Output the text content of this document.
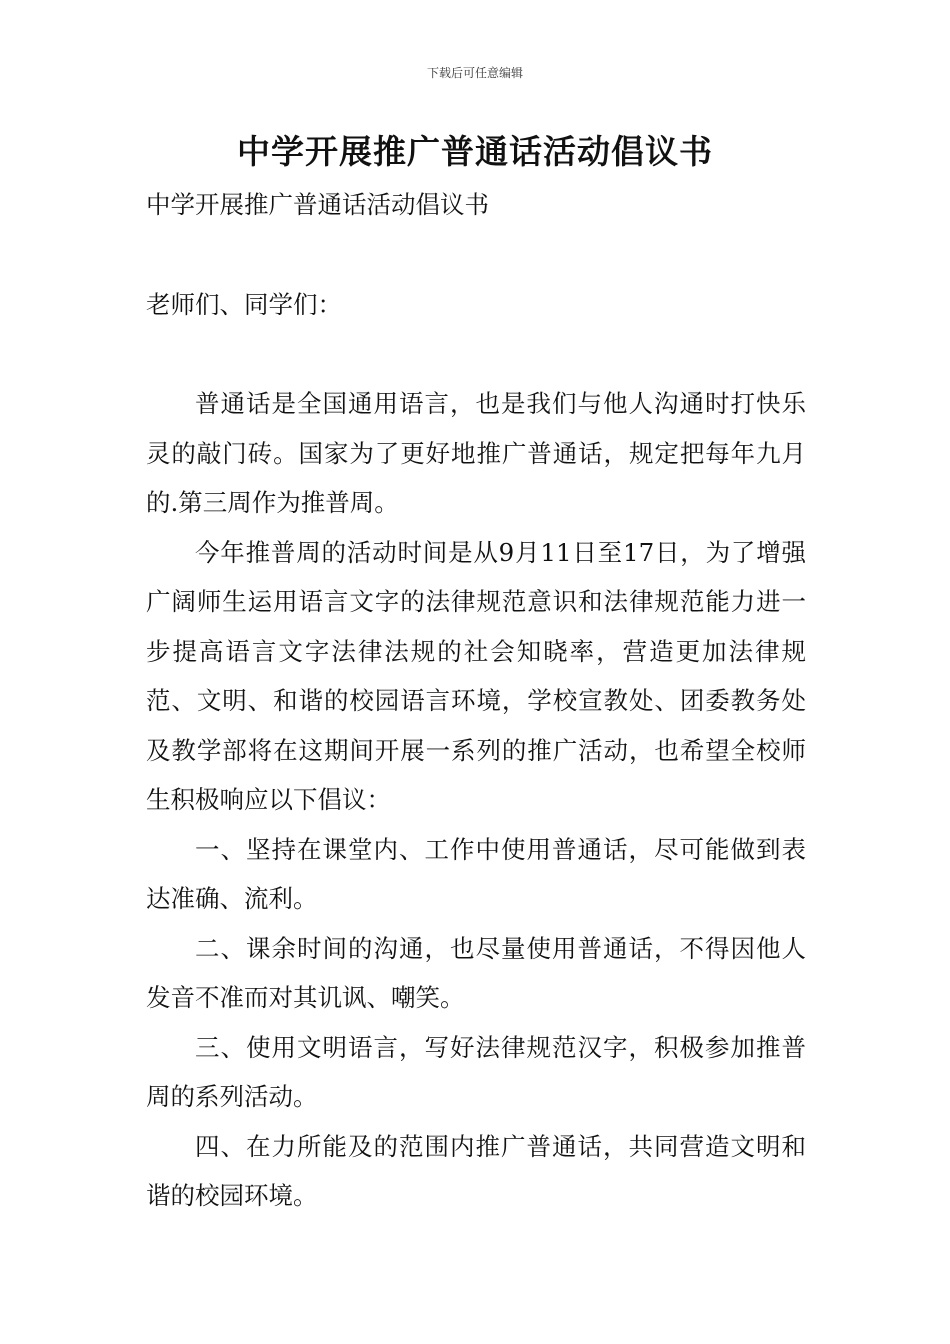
下载后可任意编辑
中学开展推广普通话活动倡议书

中学开展推广普通话活动倡议书

老师们、同学们：

普通话是全国通用语言，也是我们与他人沟通时打快乐灵的敲门砖。国家为了更好地推广普通话，规定把每年九月的.第三周作为推普周。

今年推普周的活动时间是从9月11日至17日，为了增强广阔师生运用语言文字的法律规范意识和法律规范能力进一步提高语言文字法律法规的社会知晓率，营造更加法律规范、文明、和谐的校园语言环境，学校宣教处、团委教务处及教学部将在这期间开展一系列的推广活动，也希望全校师生积极响应以下倡议：

一、坚持在课堂内、工作中使用普通话，尽可能做到表达准确、流利。

二、课余时间的沟通，也尽量使用普通话，不得因他人发音不准而对其讥讽、嘲笑。

三、使用文明语言，写好法律规范汉字，积极参加推普周的系列活动。

四、在力所能及的范围内推广普通话，共同营造文明和谐的校园环境。
